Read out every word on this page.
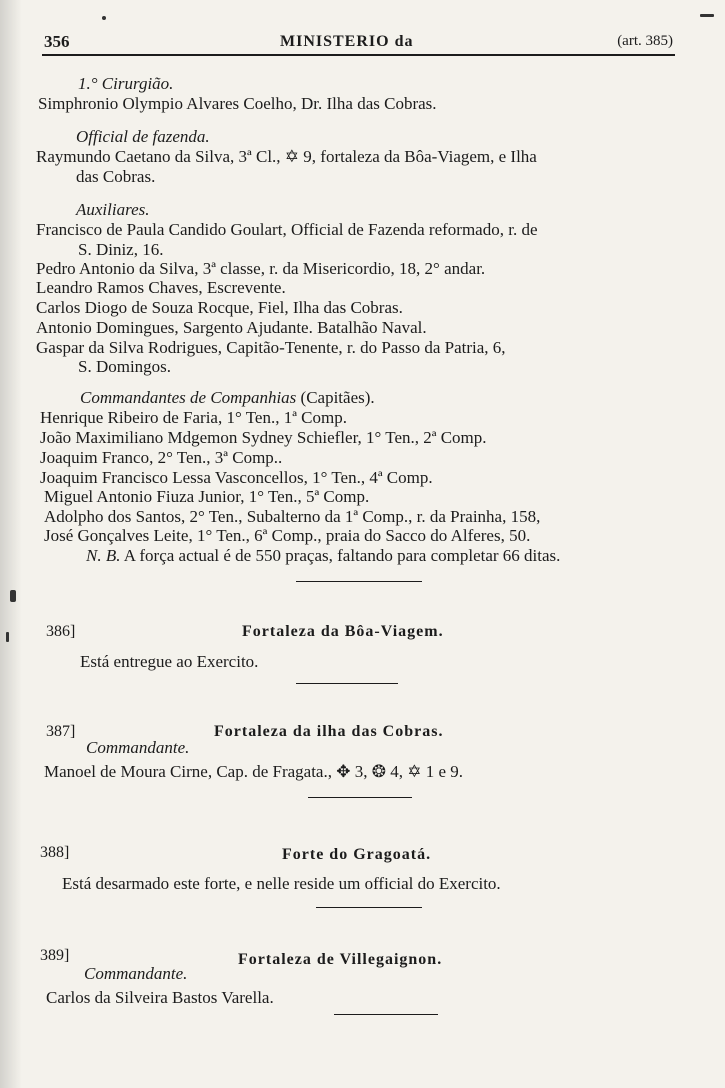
356	MINISTERIO da	(art. 385)
1.° Cirurgião.
Simphronio Olympio Alvares Coelho, Dr. Ilha das Cobras.
Official de fazenda.
Raymundo Caetano da Silva, 3ª Cl., ✡ 9, fortaleza da Bôa-Viagem, e Ilha
das Cobras.
Auxiliares.
Francisco de Paula Candido Goulart, Official de Fazenda reformado, r. de
S. Diniz, 16.
Pedro Antonio da Silva, 3ª classe, r. da Misericordio, 18, 2° andar.
Leandro Ramos Chaves, Escrevente.
Carlos Diogo de Souza Rocque, Fiel, Ilha das Cobras.
Antonio Domingues, Sargento Ajudante. Batalhão Naval.
Gaspar da Silva Rodrigues, Capitão-Tenente, r. do Passo da Patria, 6,
S. Domingos.
Commandantes de Companhias (Capitães).
Henrique Ribeiro de Faria, 1° Ten., 1ª Comp.
João Maximiliano Mdgemon Sydney Schiefler, 1° Ten., 2ª Comp.
Joaquim Franco, 2° Ten., 3ª Comp..
Joaquim Francisco Lessa Vasconcellos, 1° Ten., 4ª Comp.
Miguel Antonio Fiuza Junior, 1° Ten., 5ª Comp.
Adolpho dos Santos, 2° Ten., Subalterno da 1ª Comp., r. da Prainha, 158,
José Gonçalves Leite, 1° Ten., 6ª Comp., praia do Sacco do Alferes, 50.
N. B. A força actual é de 550 praças, faltando para completar 66 ditas.
386]	Fortaleza da Bôa-Viagem.
Está entregue ao Exercito.
387]	Fortaleza da ilha das Cobras.
Commandante.
Manoel de Moura Cirne, Cap. de Fragata., ✥ 3, ❂ 4, ✡ 1 e 9.
388]	Forte do Gragoatá.
Está desarmado este forte, e nelle reside um official do Exercito.
389]	Fortaleza de Villegaignon.
Commandante.
Carlos da Silveira Bastos Varella.
